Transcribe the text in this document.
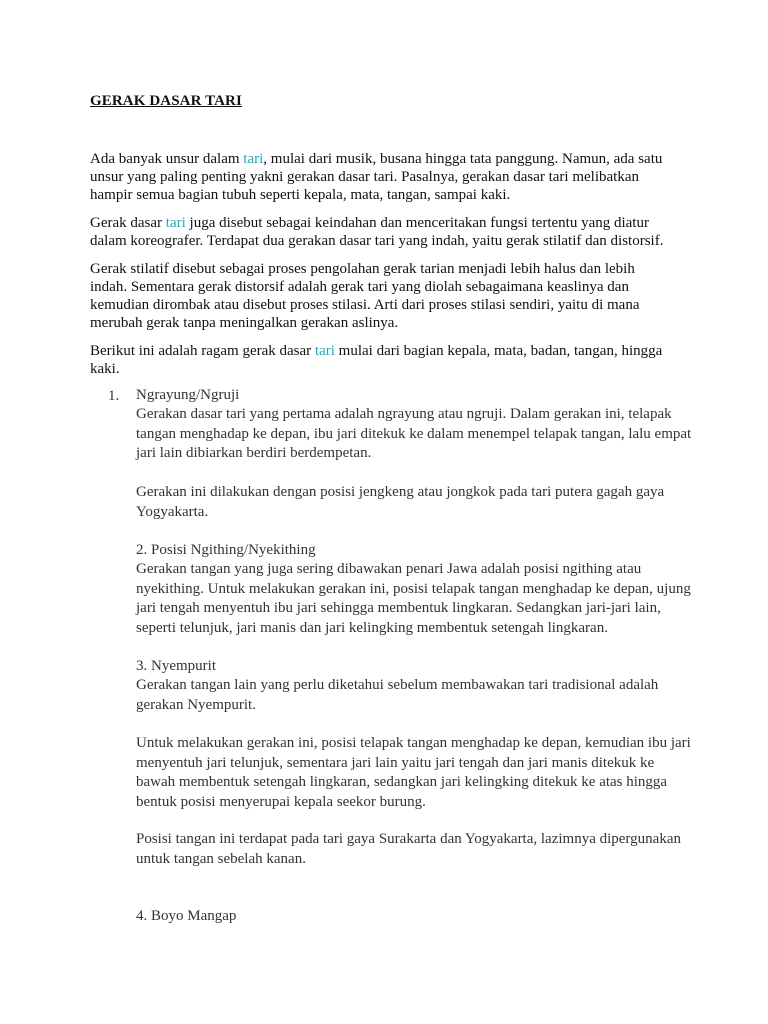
GERAK DASAR TARI

Ada banyak unsur dalam tari, mulai dari musik, busana hingga tata panggung. Namun, ada satu unsur yang paling penting yakni gerakan dasar tari. Pasalnya, gerakan dasar tari melibatkan hampir semua bagian tubuh seperti kepala, mata, tangan, sampai kaki.

Gerak dasar tari juga disebut sebagai keindahan dan menceritakan fungsi tertentu yang diatur dalam koreografer. Terdapat dua gerakan dasar tari yang indah, yaitu gerak stilatif dan distorsif.

Gerak stilatif disebut sebagai proses pengolahan gerak tarian menjadi lebih halus dan lebih indah. Sementara gerak distorsif adalah gerak tari yang diolah sebagaimana keaslinya dan kemudian dirombak atau disebut proses stilasi. Arti dari proses stilasi sendiri, yaitu di mana merubah gerak tanpa meningalkan gerakan aslinya.

Berikut ini adalah ragam gerak dasar tari mulai dari bagian kepala, mata, badan, tangan, hingga kaki.

1. Ngrayung/Ngruji
Gerakan dasar tari yang pertama adalah ngrayung atau ngruji. Dalam gerakan ini, telapak tangan menghadap ke depan, ibu jari ditekuk ke dalam menempel telapak tangan, lalu empat jari lain dibiarkan berdiri berdempetan.
Gerakan ini dilakukan dengan posisi jengkeng atau jongkok pada tari putera gagah gaya Yogyakarta.
2. Posisi Ngithing/Nyekithing
Gerakan tangan yang juga sering dibawakan penari Jawa adalah posisi ngithing atau nyekithing. Untuk melakukan gerakan ini, posisi telapak tangan menghadap ke depan, ujung jari tengah menyentuh ibu jari sehingga membentuk lingkaran. Sedangkan jari-jari lain, seperti telunjuk, jari manis dan jari kelingking membentuk setengah lingkaran.
3. Nyempurit
Gerakan tangan lain yang perlu diketahui sebelum membawakan tari tradisional adalah gerakan Nyempurit.
Untuk melakukan gerakan ini, posisi telapak tangan menghadap ke depan, kemudian ibu jari menyentuh jari telunjuk, sementara jari lain yaitu jari tengah dan jari manis ditekuk ke bawah membentuk setengah lingkaran, sedangkan jari kelingking ditekuk ke atas hingga bentuk posisi menyerupai kepala seekor burung.
Posisi tangan ini terdapat pada tari gaya Surakarta dan Yogyakarta, lazimnya dipergunakan untuk tangan sebelah kanan.
4. Boyo Mangap
